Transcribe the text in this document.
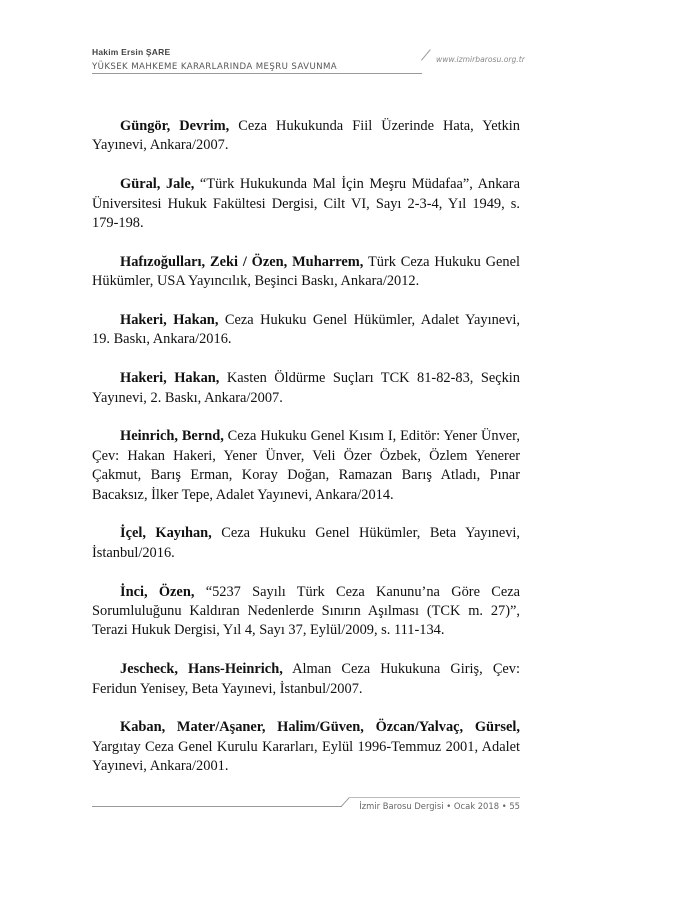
Hakim Ersin ŞARE
YÜKSEK MAHKEME KARARLARINDA MEŞRU SAVUNMA
www.izmirbarosu.org.tr

Güngör, Devrim, Ceza Hukukunda Fiil Üzerinde Hata, Yetkin Yayınevi, Ankara/2007.

Güral, Jale, “Türk Hukukunda Mal İçin Meşru Müdafaa”, Ankara Üniversitesi Hukuk Fakültesi Dergisi, Cilt VI, Sayı 2-3-4, Yıl 1949, s. 179-198.

Hafızoğulları, Zeki / Özen, Muharrem, Türk Ceza Hukuku Genel Hükümler, USA Yayıncılık, Beşinci Baskı, Ankara/2012.

Hakeri, Hakan, Ceza Hukuku Genel Hükümler, Adalet Yayınevi, 19. Baskı, Ankara/2016.

Hakeri, Hakan, Kasten Öldürme Suçları TCK 81-82-83, Seçkin Yayınevi, 2. Baskı, Ankara/2007.

Heinrich, Bernd, Ceza Hukuku Genel Kısım I, Editör: Yener Ünver, Çev: Hakan Hakeri, Yener Ünver, Veli Özer Özbek, Özlem Yenerer Çakmut, Barış Erman, Koray Doğan, Ramazan Barış Atladı, Pınar Bacaksız, İlker Tepe, Adalet Yayınevi, Ankara/2014.

İçel, Kayıhan, Ceza Hukuku Genel Hükümler, Beta Yayınevi, İstanbul/2016.

İnci, Özen, “5237 Sayılı Türk Ceza Kanunu’na Göre Ceza Sorumluluğunu Kaldıran Nedenlerde Sınırın Aşılması (TCK m. 27)”, Terazi Hukuk Dergisi, Yıl 4, Sayı 37, Eylül/2009, s. 111-134.

Jescheck, Hans-Heinrich, Alman Ceza Hukukuna Giriş, Çev: Feridun Yenisey, Beta Yayınevi, İstanbul/2007.

Kaban, Mater/Aşaner, Halim/Güven, Özcan/Yalvaç, Gürsel, Yargıtay Ceza Genel Kurulu Kararları, Eylül 1996-Temmuz 2001, Adalet Yayınevi, Ankara/2001.

İzmir Barosu Dergisi • Ocak 2018 • 55
